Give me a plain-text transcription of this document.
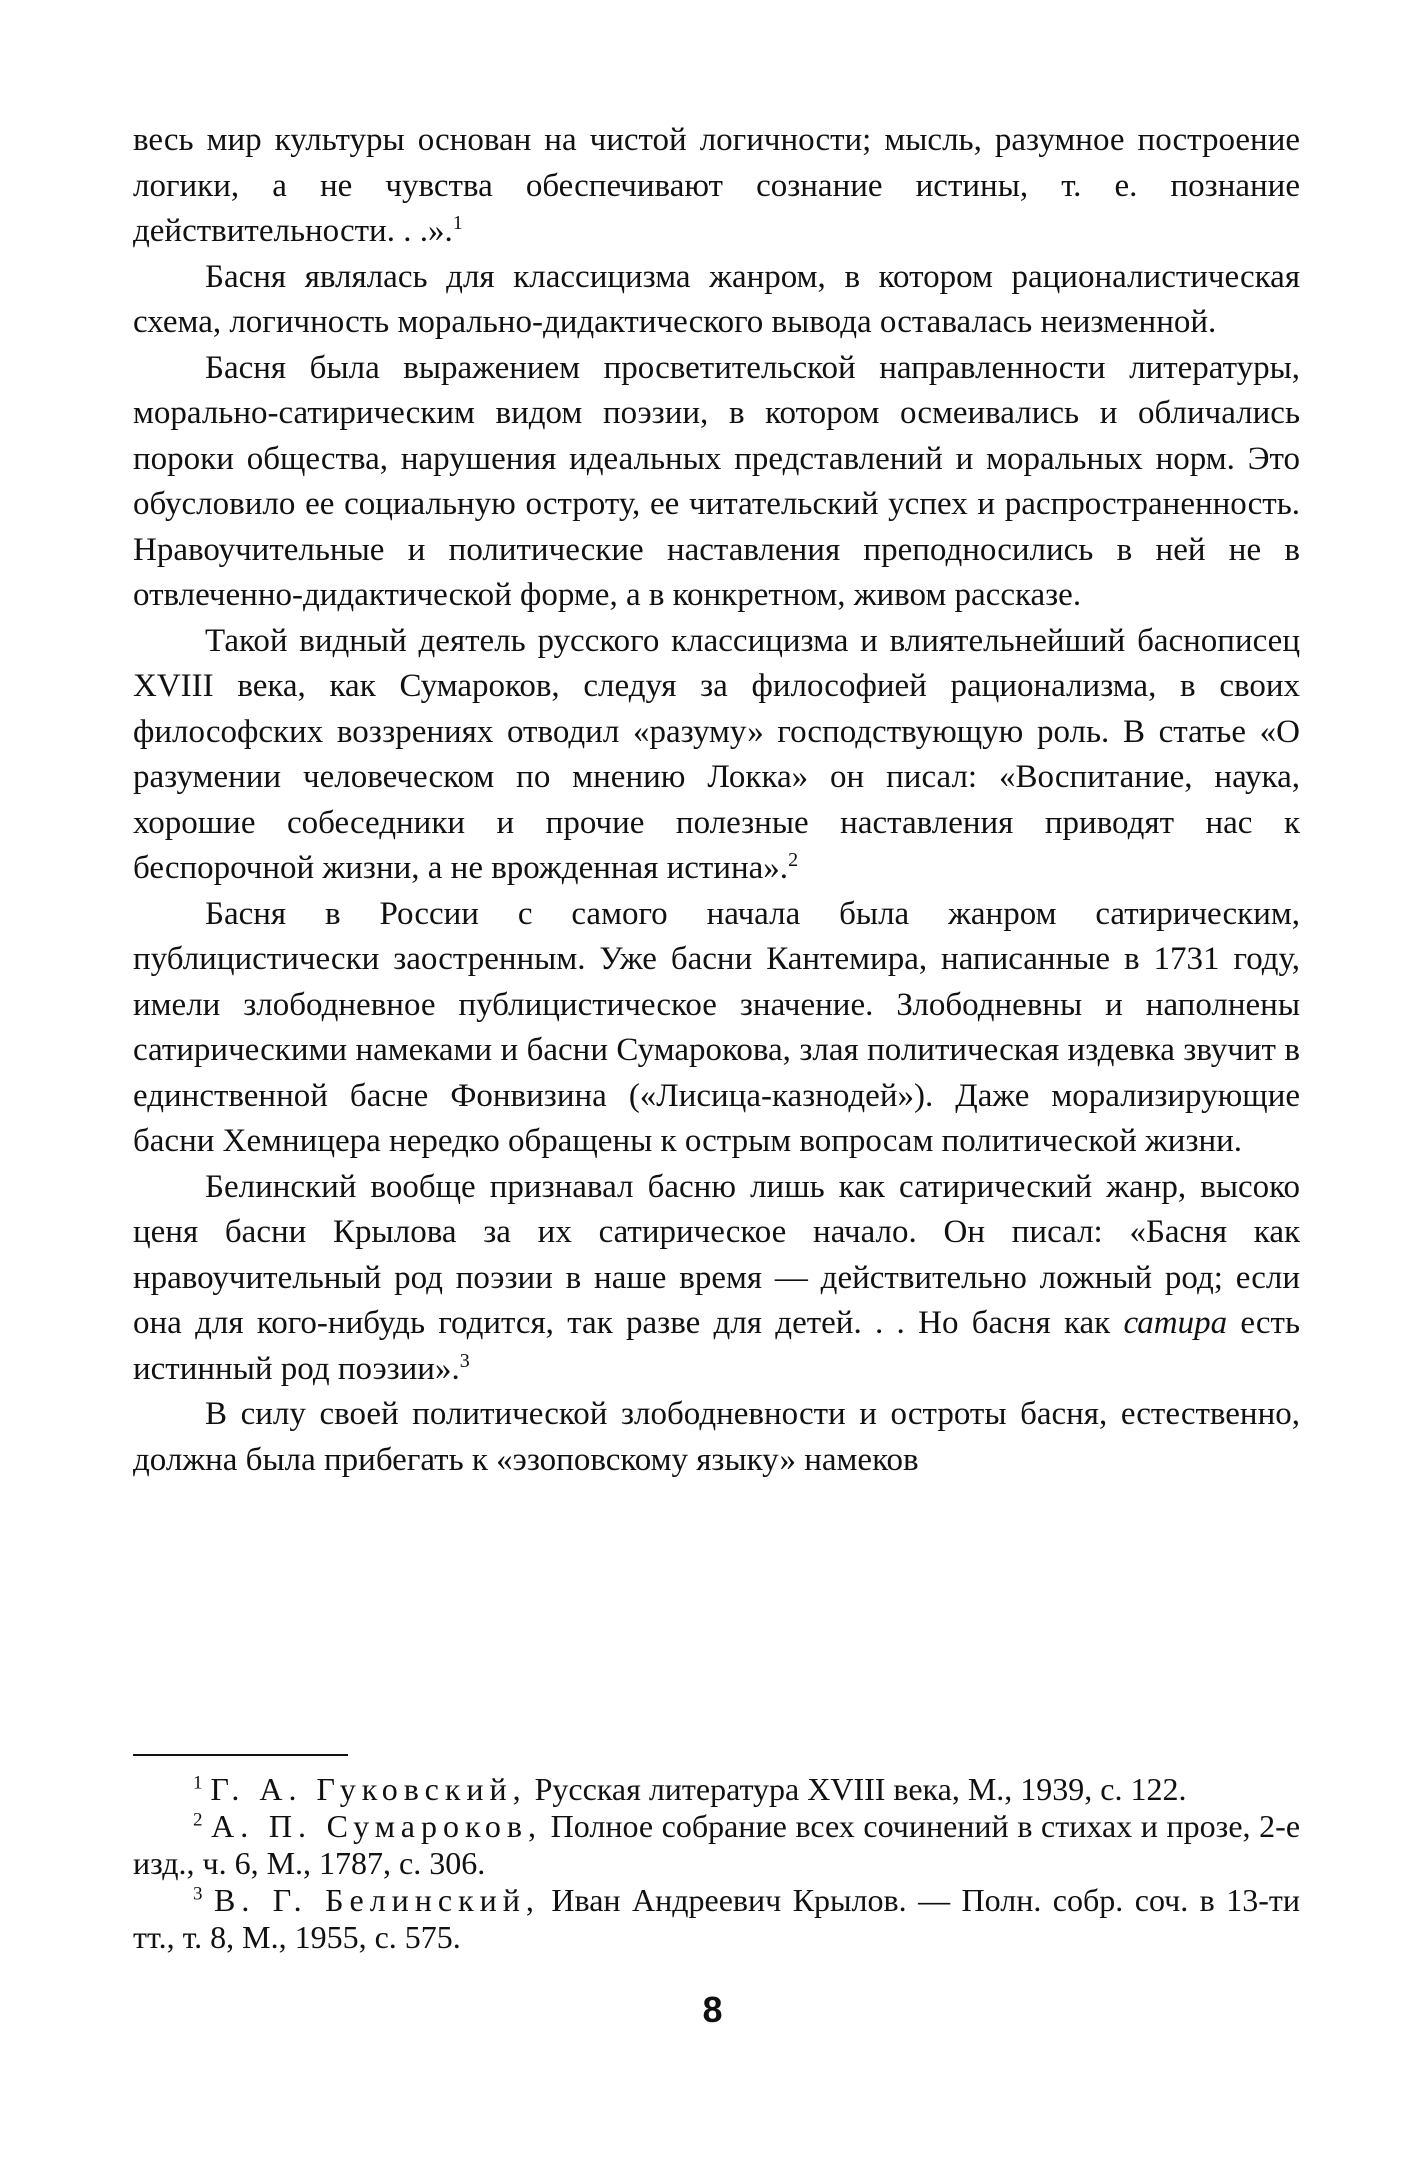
весь мир культуры основан на чистой логичности; мысль, разумное построение логики, а не чувства обеспечивают сознание истины, т. е. познание действительности. . .».$^1$

Басня являлась для классицизма жанром, в котором рационалистическая схема, логичность морально-дидактического вывода оставалась неизменной.

Басня была выражением просветительской направленности литературы, морально-сатирическим видом поэзии, в котором осмеивались и обличались пороки общества, нарушения идеальных представлений и моральных норм. Это обусловило ее социальную остроту, ее читательский успех и распространенность. Нравоучительные и политические наставления преподносились в ней не в отвлеченно-дидактической форме, а в конкретном, живом рассказе.

Такой видный деятель русского классицизма и влиятельнейший баснописец XVIII века, как Сумароков, следуя за философией рационализма, в своих философских воззрениях отводил «разуму» господствующую роль. В статье «О разумении человеческом по мнению Локка» он писал: «Воспитание, наука, хорошие собеседники и прочие полезные наставления приводят нас к беспорочной жизни, а не врожденная истина».$^2$

Басня в России с самого начала была жанром сатирическим, публицистически заостренным. Уже басни Кантемира, написанные в 1731 году, имели злободневное публицистическое значение. Злободневны и наполнены сатирическими намеками и басни Сумарокова, злая политическая издевка звучит в единственной басне Фонвизина («Лисица-казнодей»). Даже морализирующие басни Хемницера нередко обращены к острым вопросам политической жизни.

Белинский вообще признавал басню лишь как сатирический жанр, высоко ценя басни Крылова за их сатирическое начало. Он писал: «Басня как нравоучительный род поэзии в наше время — действительно ложный род; если она для кого-нибудь годится, так разве для детей. . . Но басня как сатира есть истинный род поэзии».$^3$

В силу своей политической злободневности и остроты басня, естественно, должна была прибегать к «эзоповскому языку» намеков

$^1$ Г. А. Гуковский, Русская литература XVIII века, М., 1939, с. 122.

$^2$ А. П. Сумароков, Полное собрание всех сочинений в стихах и прозе, 2-е изд., ч. 6, М., 1787, с. 306.

$^3$ В. Г. Белинский, Иван Андреевич Крылов. — Полн. собр. соч. в 13-ти тт., т. 8, М., 1955, с. 575.

8
